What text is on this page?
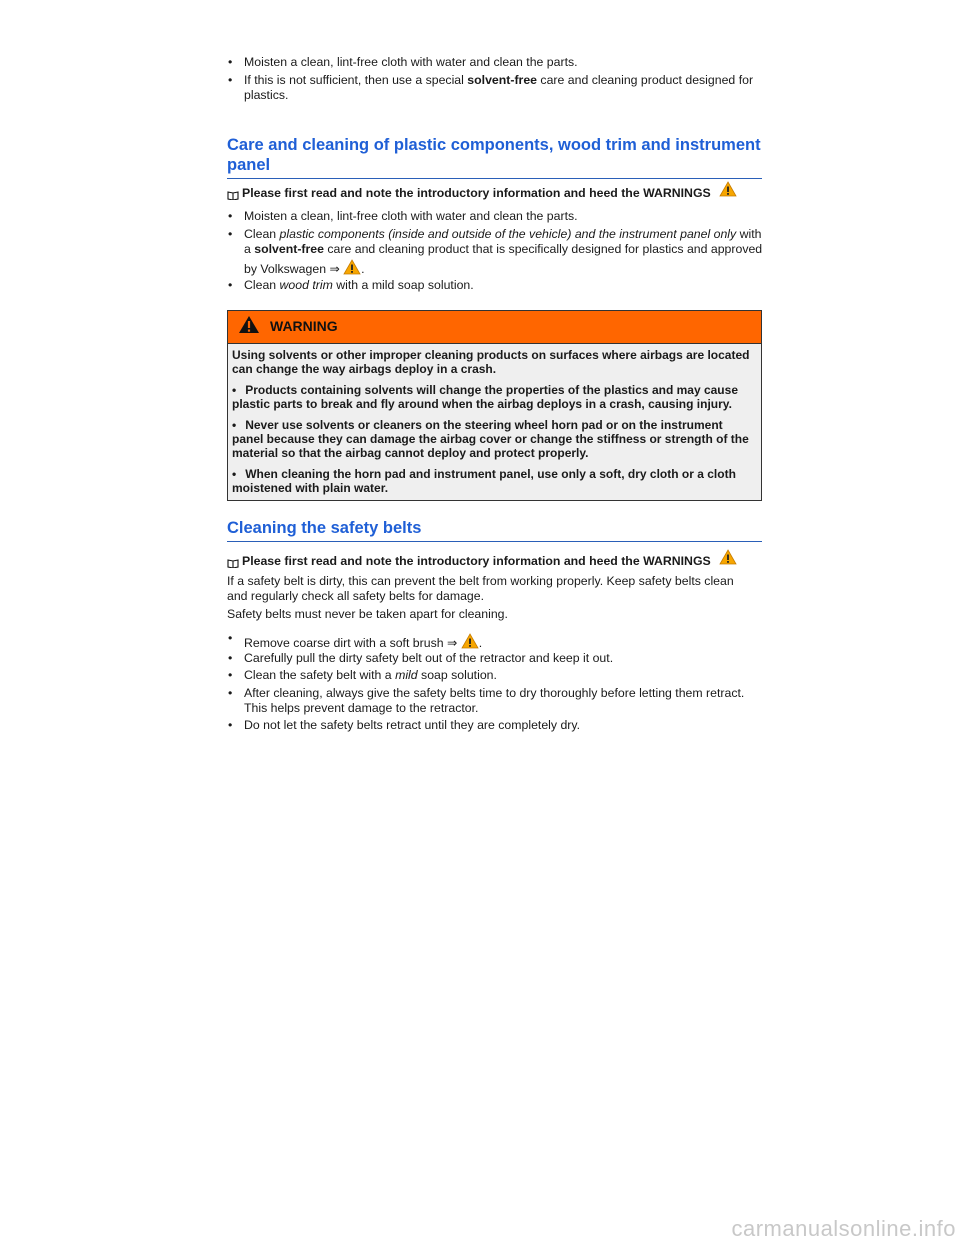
• Moisten a clean, lint-free cloth with water and clean the parts.

• If this is not sufficient, then use a special solvent-free care and cleaning product designed for plastics.

Care and cleaning of plastic components, wood trim and instrument panel

Please first read and note the introductory information and heed the WARNINGS

• Moisten a clean, lint-free cloth with water and clean the parts.

• Clean plastic components (inside and outside of the vehicle) and the instrument panel only with a solvent-free care and cleaning product that is specifically designed for plastics and approved by Volkswagen ⇒ .

• Clean wood trim with a mild soap solution.

WARNING

Using solvents or other improper cleaning products on surfaces where airbags are located can change the way airbags deploy in a crash.

• Products containing solvents will change the properties of the plastics and may cause plastic parts to break and fly around when the airbag deploys in a crash, causing injury.

• Never use solvents or cleaners on the steering wheel horn pad or on the instrument panel because they can damage the airbag cover or change the stiffness or strength of the material so that the airbag cannot deploy and protect properly.

• When cleaning the horn pad and instrument panel, use only a soft, dry cloth or a cloth moistened with plain water.

Cleaning the safety belts

Please first read and note the introductory information and heed the WARNINGS

If a safety belt is dirty, this can prevent the belt from working properly. Keep safety belts clean and regularly check all safety belts for damage.

Safety belts must never be taken apart for cleaning.

• Remove coarse dirt with a soft brush ⇒ .

• Carefully pull the dirty safety belt out of the retractor and keep it out.

• Clean the safety belt with a mild soap solution.

• After cleaning, always give the safety belts time to dry thoroughly before letting them retract. This helps prevent damage to the retractor.

• Do not let the safety belts retract until they are completely dry.

carmanualsonline.info
